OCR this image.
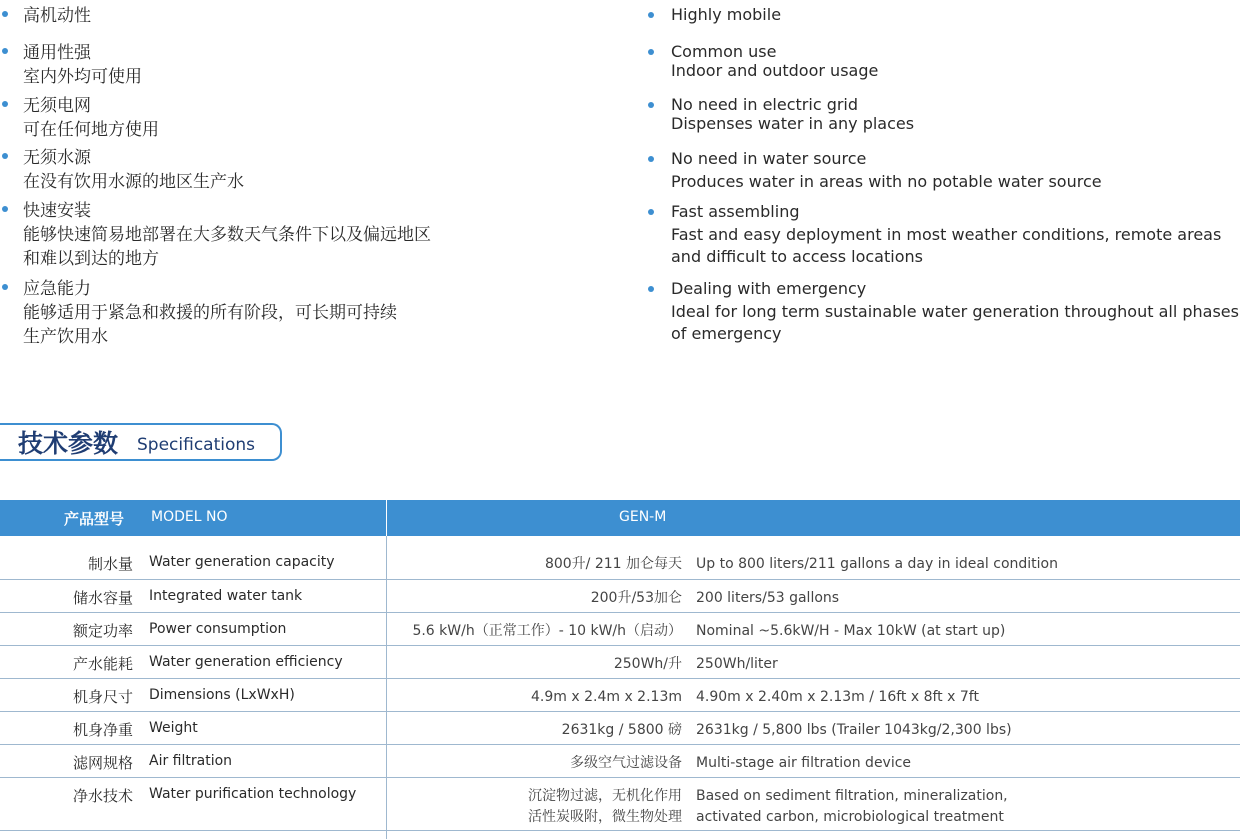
高机动性
通用性强
室内外均可使用
无须电网
可在任何地方使用
无须水源
在没有饮用水源的地区生产水
快速安装
能够快速简易地部署在大多数天气条件下以及偏远地区
和难以到达的地方
应急能力
能够适用于紧急和救援的所有阶段，可长期可持续
生产饮用水
Highly mobile
Common use
Indoor and outdoor usage
No need in electric grid
Dispenses water in any places
No need in water source
Produces water in areas with no potable water source
Fast assembling
Fast and easy deployment in most weather conditions, remote areas and difficult to access locations
Dealing with emergency
Ideal for long term sustainable water generation throughout all phases of emergency
技术参数 Specifications
产品型号 MODEL NO	GEN-M
制水量 Water generation capacity	800升/ 211 加仑每天 Up to 800 liters/211 gallons a day in ideal condition
储水容量 Integrated water tank	200升/53加仑 200 liters/53 gallons
额定功率 Power consumption	5.6 kW/h（正常工作）- 10 kW/h（启动） Nominal ~5.6kW/H - Max 10kW (at start up)
产水能耗 Water generation efficiency	250Wh/升 250Wh/liter
机身尺寸 Dimensions (LxWxH)	4.9m x 2.4m x 2.13m 4.90m x 2.40m x 2.13m / 16ft x 8ft x 7ft
机身净重 Weight	2631kg / 5800 磅 2631kg / 5,800 lbs (Trailer 1043kg/2,300 lbs)
滤网规格 Air filtration	多级空气过滤设备 Multi-stage air filtration device
净水技术 Water purification technology	沉淀物过滤，无机化作用
活性炭吸附，微生物处理
Based on sediment filtration, mineralization,
activated carbon, microbiological treatment
